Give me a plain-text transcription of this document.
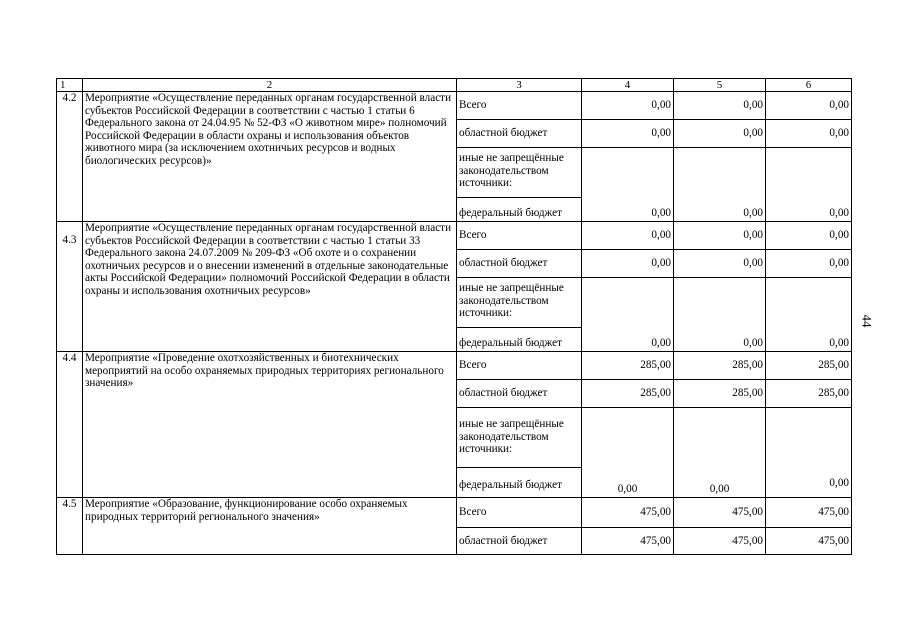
1	2	3	4	5	6
4.2	Мероприятие «Осуществление переданных органам государственной власти субъектов Российской Федерации в соответствии с частью 1 статьи 6 Федерального закона от 24.04.95 № 52-ФЗ «О животном мире» полномочий Российской Федерации в области охраны и использования объектов животного мира (за исключением охотничьих ресурсов и водных биологических ресурсов)»	Всего	0,00	0,00	0,00
		областной бюджет	0,00	0,00	0,00
		иные не запрещённые законодательством источники:			
		федеральный бюджет	0,00	0,00	0,00
4.3	Мероприятие «Осуществление переданных органам государственной власти субъектов Российской Федерации в соответствии с частью 1 статьи 33 Федерального закона 24.07.2009 № 209-ФЗ «Об охоте и о сохранении охотничьих ресурсов и о внесении изменений в отдельные законодательные акты Российской Федерации» полномочий Российской Федерации в области охраны и использования охотничьих ресурсов»	Всего	0,00	0,00	0,00
		областной бюджет	0,00	0,00	0,00
		иные не запрещённые законодательством источники:			
		федеральный бюджет	0,00	0,00	0,00
4.4	Мероприятие «Проведение охотхозяйственных и биотехнических мероприятий на особо охраняемых природных территориях регионального значения»	Всего	285,00	285,00	285,00
		областной бюджет	285,00	285,00	285,00
		иные не запрещённые законодательством источники:			
		федеральный бюджет	0,00	0,00	0,00
4.5	Мероприятие «Образование, функционирование особо охраняемых природных территорий регионального значения»	Всего	475,00	475,00	475,00
		областной бюджет	475,00	475,00	475,00
44
